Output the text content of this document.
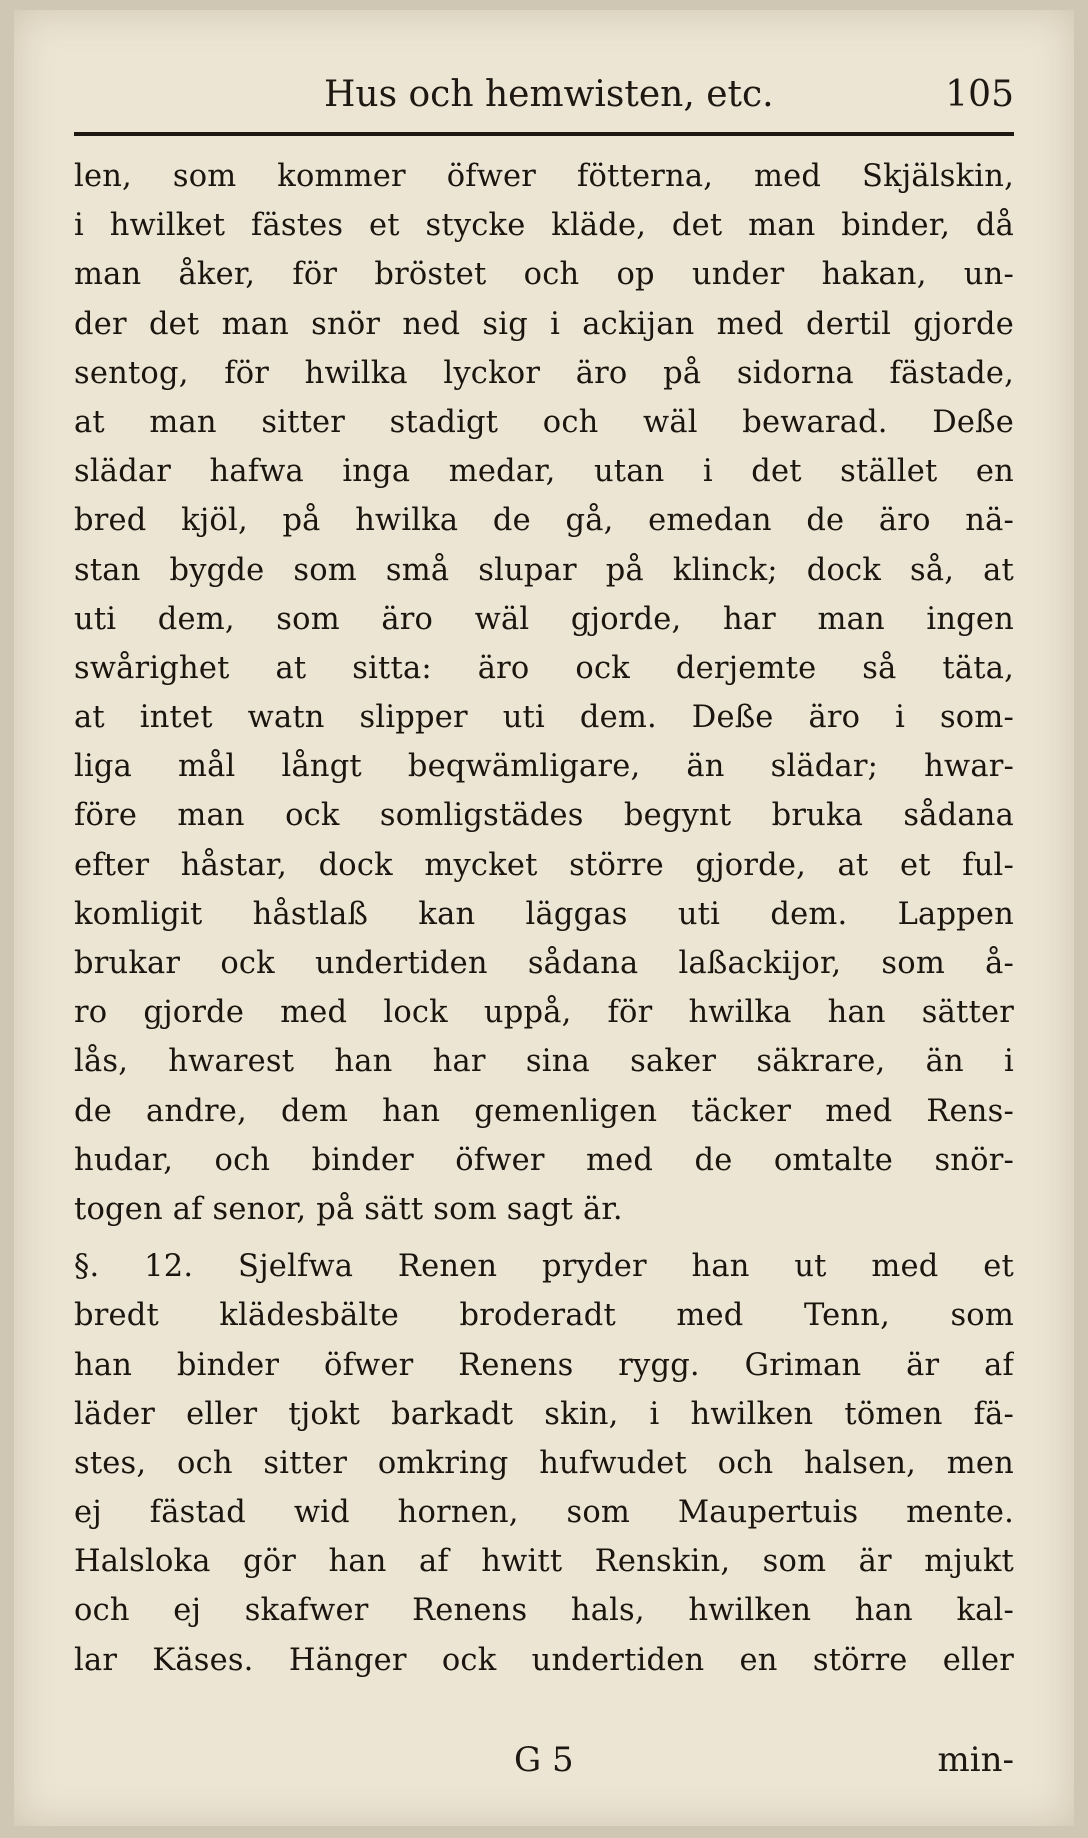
Hus och hemwisten, etc.	105
len, som kommer öfwer fötterna, med Skjälskin,
i hwilket fästes et stycke kläde, det man binder, då
man åker, för bröstet och op under hakan, un-
der det man snör ned sig i ackijan med dertil gjorde
sentog, för hwilka lyckor äro på sidorna fästade,
at man sitter stadigt och wäl bewarad. Deße
slädar hafwa inga medar, utan i det stället en
bred kjöl, på hwilka de gå, emedan de äro nä-
stan bygde som små slupar på klinck; dock så, at
uti dem, som äro wäl gjorde, har man ingen
swårighet at sitta: äro ock derjemte så täta,
at intet watn slipper uti dem. Deße äro i som-
liga mål långt beqwämligare, än slädar; hwar-
före man ock somligstädes begynt bruka sådana
efter håstar, dock mycket större gjorde, at et ful-
komligit håstlaß kan läggas uti dem. Lappen
brukar ock undertiden sådana laßackijor, som å-
ro gjorde med lock uppå, för hwilka han sätter
lås, hwarest han har sina saker säkrare, än i
de andre, dem han gemenligen täcker med Rens-
hudar, och binder öfwer med de omtalte snör-
togen af senor, på sätt som sagt är.
§. 12. Sjelfwa Renen pryder han ut med et
bredt klädesbälte broderadt med Tenn, som
han binder öfwer Renens rygg. Griman är af
läder eller tjokt barkadt skin, i hwilken tömen fä-
stes, och sitter omkring hufwudet och halsen, men
ej fästad wid hornen, som Maupertuis mente.
Halsloka gör han af hwitt Renskin, som är mjukt
och ej skafwer Renens hals, hwilken han kal-
lar Käses. Hänger ock undertiden en större eller
G 5	min-
